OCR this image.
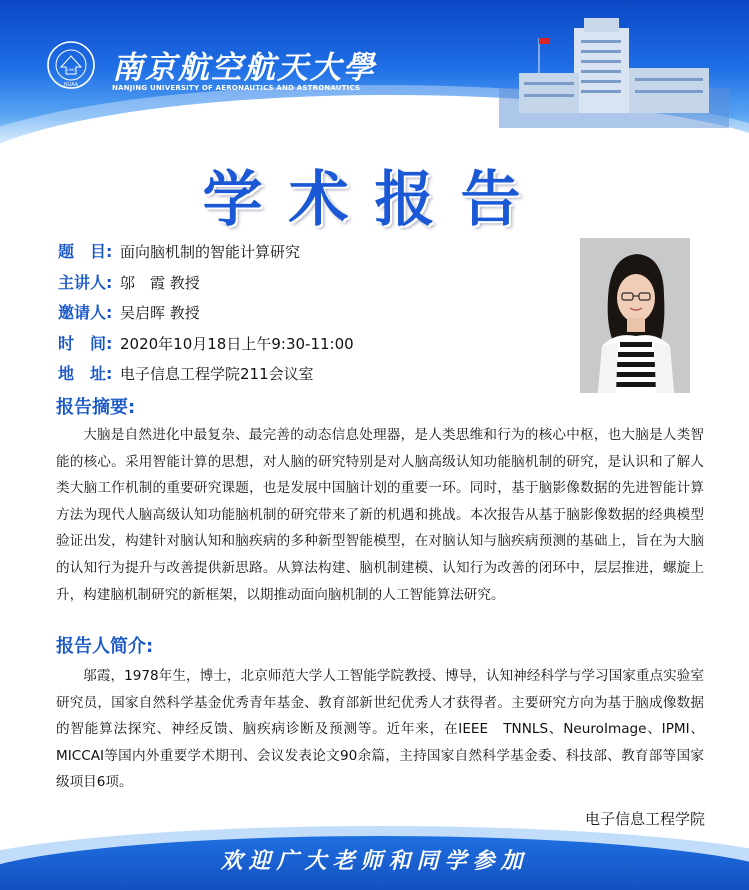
NUAA
1952 南京航空航天大學
NANJING UNIVERSITY OF AERONAUTICS AND ASTRONAUTICS
学术报告
题　目: 面向脑机制的智能计算研究
主讲人: 邬　霞 教授
邀请人: 吴启晖 教授
时　间: 2020年10月18日上午9:30-11:00
地　址: 电子信息工程学院211会议室
报告摘要:
大脑是自然进化中最复杂、最完善的动态信息处理器，是人类思维和行为的核心中枢，也大脑是人类智能的核心。采用智能计算的思想，对人脑的研究特别是对人脑高级认知功能脑机制的研究，是认识和了解人类大脑工作机制的重要研究课题，也是发展中国脑计划的重要一环。同时，基于脑影像数据的先进智能计算方法为现代人脑高级认知功能脑机制的研究带来了新的机遇和挑战。本次报告从基于脑影像数据的经典模型验证出发，构建针对脑认知和脑疾病的多种新型智能模型，在对脑认知与脑疾病预测的基础上，旨在为大脑的认知行为提升与改善提供新思路。从算法构建、脑机制建模、认知行为改善的闭环中，层层推进，螺旋上升，构建脑机制研究的新框架，以期推动面向脑机制的人工智能算法研究。
报告人简介:
邬霞，1978年生，博士，北京师范大学人工智能学院教授、博导，认知神经科学与学习国家重点实验室研究员，国家自然科学基金优秀青年基金、教育部新世纪优秀人才获得者。主要研究方向为基于脑成像数据的智能算法探究、神经反馈、脑疾病诊断及预测等。近年来，在IEEE　TNNLS、NeuroImage、IPMI、MICCAI等国内外重要学术期刊、会议发表论文90余篇，主持国家自然科学基金委、科技部、教育部等国家级项目6项。
电子信息工程学院
欢迎广大老师和同学参加
